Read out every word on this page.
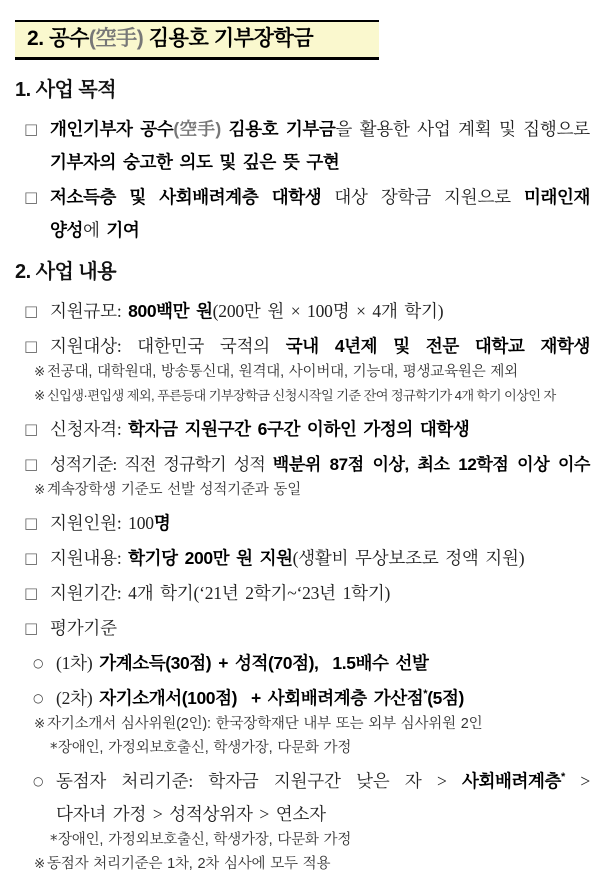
2. 공수(空手) 김용호 기부장학금
1. 사업 목적
□ 개인기부자 공수(空手) 김용호 기부금을 활용한 사업 계획 및 집행으로
기부자의 숭고한 의도 및 깊은 뜻 구현
□ 저소득층 및 사회배려계층 대학생 대상 장학금 지원으로 미래인재
양성에 기여
2. 사업 내용
□ 지원규모: 800백만 원(200만 원 × 100명 × 4개 학기)
□ 지원대상: 대한민국 국적의 국내 4년제 및 전문 대학교 재학생
※ 전공대, 대학원대, 방송통신대, 원격대, 사이버대, 기능대, 평생교육원은 제외
※ 신입생·편입생 제외, 푸른등대 기부장학금 신청시작일 기준 잔여 정규학기가 4개 학기 이상인 자
□ 신청자격: 학자금 지원구간 6구간 이하인 가정의 대학생
□ 성적기준: 직전 정규학기 성적 백분위 87점 이상, 최소 12학점 이상 이수
※ 계속장학생 기준도 선발 성적기준과 동일
□ 지원인원: 100명
□ 지원내용: 학기당 200만 원 지원(생활비 무상보조로 정액 지원)
□ 지원기간: 4개 학기(‘21년 2학기~‘23년 1학기)
□ 평가기준
○ (1차) 가계소득(30점) + 성적(70점),  1.5배수 선발
○ (2차) 자기소개서(100점)  + 사회배려계층 가산점*(5점)
※ 자기소개서 심사위원(2인): 한국장학재단 내부 또는 외부 심사위원 2인
* 장애인, 가정외보호출신, 학생가장, 다문화 가정
○ 동점자 처리기준: 학자금 지원구간 낮은 자 > 사회배려계층* >
다자녀 가정 > 성적상위자 > 연소자
* 장애인, 가정외보호출신, 학생가장, 다문화 가정
※ 동점자 처리기준은 1차, 2차 심사에 모두 적용
